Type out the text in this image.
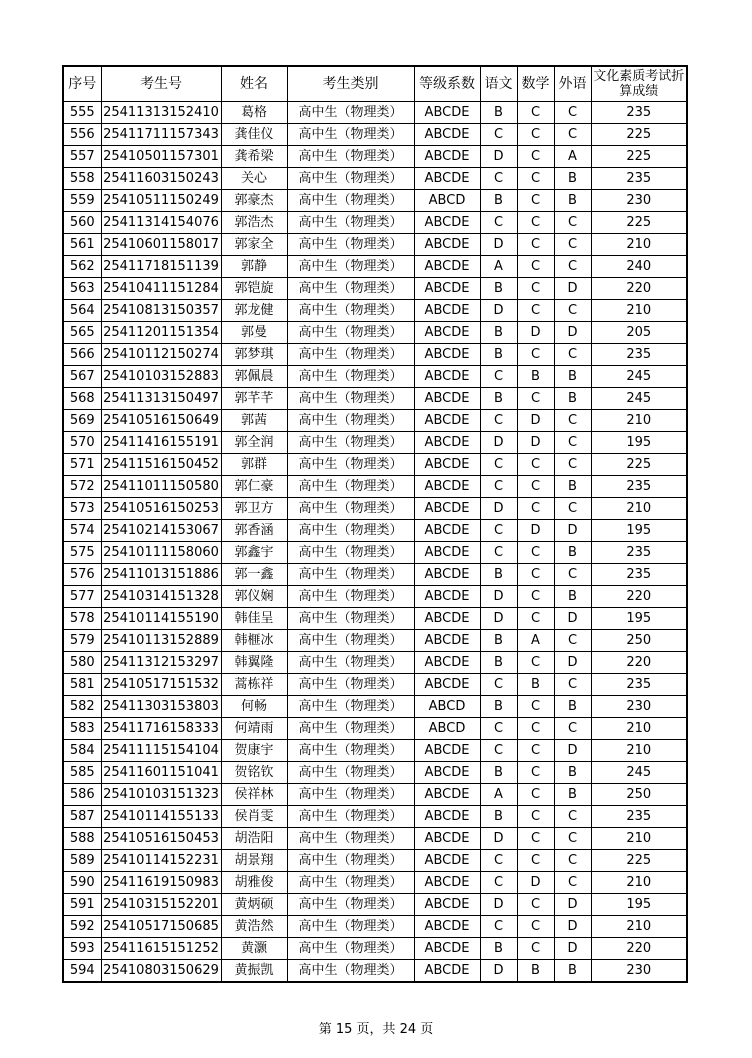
序号	考生号	姓名	考生类别	等级系数	语文	数学	外语	文化素质考试折算成绩
555	25411313152410	葛格	高中生（物理类）	ABCDE	B	C	C	235
556	25411711157343	龚佳仪	高中生（物理类）	ABCDE	C	C	C	225
557	25410501157301	龚希梁	高中生（物理类）	ABCDE	D	C	A	225
558	25411603150243	关心	高中生（物理类）	ABCDE	C	C	B	235
559	25410511150249	郭豪杰	高中生（物理类）	ABCD	B	C	B	230
560	25411314154076	郭浩杰	高中生（物理类）	ABCDE	C	C	C	225
561	25410601158017	郭家全	高中生（物理类）	ABCDE	D	C	C	210
562	25411718151139	郭静	高中生（物理类）	ABCDE	A	C	C	240
563	25410411151284	郭铠旋	高中生（物理类）	ABCDE	B	C	D	220
564	25410813150357	郭龙健	高中生（物理类）	ABCDE	D	C	C	210
565	25411201151354	郭曼	高中生（物理类）	ABCDE	B	D	D	205
566	25410112150274	郭梦琪	高中生（物理类）	ABCDE	B	C	C	235
567	25410103152883	郭佩晨	高中生（物理类）	ABCDE	C	B	B	245
568	25411313150497	郭芊芊	高中生（物理类）	ABCDE	B	C	B	245
569	25410516150649	郭茜	高中生（物理类）	ABCDE	C	D	C	210
570	25411416155191	郭全润	高中生（物理类）	ABCDE	D	D	C	195
571	25411516150452	郭群	高中生（物理类）	ABCDE	C	C	C	225
572	25411011150580	郭仁豪	高中生（物理类）	ABCDE	C	C	B	235
573	25410516150253	郭卫方	高中生（物理类）	ABCDE	D	C	C	210
574	25410214153067	郭香涵	高中生（物理类）	ABCDE	C	D	D	195
575	25410111158060	郭鑫宇	高中生（物理类）	ABCDE	C	C	B	235
576	25411013151886	郭一鑫	高中生（物理类）	ABCDE	B	C	C	235
577	25410314151328	郭仪娴	高中生（物理类）	ABCDE	D	C	B	220
578	25410114155190	韩佳呈	高中生（物理类）	ABCDE	D	C	D	195
579	25410113152889	韩榧冰	高中生（物理类）	ABCDE	B	A	C	250
580	25411312153297	韩翼隆	高中生（物理类）	ABCDE	B	C	D	220
581	25410517151532	蒿栋祥	高中生（物理类）	ABCDE	C	B	C	235
582	25411303153803	何畅	高中生（物理类）	ABCD	B	C	B	230
583	25411716158333	何靖雨	高中生（物理类）	ABCD	C	C	C	210
584	25411115154104	贺康宇	高中生（物理类）	ABCDE	C	C	D	210
585	25411601151041	贺铭钦	高中生（物理类）	ABCDE	B	C	B	245
586	25410103151323	侯祥林	高中生（物理类）	ABCDE	A	C	B	250
587	25410114155133	侯肖雯	高中生（物理类）	ABCDE	B	C	C	235
588	25410516150453	胡浩阳	高中生（物理类）	ABCDE	D	C	C	210
589	25410114152231	胡景翔	高中生（物理类）	ABCDE	C	C	C	225
590	25411619150983	胡雅俊	高中生（物理类）	ABCDE	C	D	C	210
591	25410315152201	黄炳硕	高中生（物理类）	ABCDE	D	C	D	195
592	25410517150685	黄浩然	高中生（物理类）	ABCDE	C	C	D	210
593	25411615151252	黄灏	高中生（物理类）	ABCDE	B	C	D	220
594	25410803150629	黄振凯	高中生（物理类）	ABCDE	D	B	B	230
第 15 页，共 24 页
